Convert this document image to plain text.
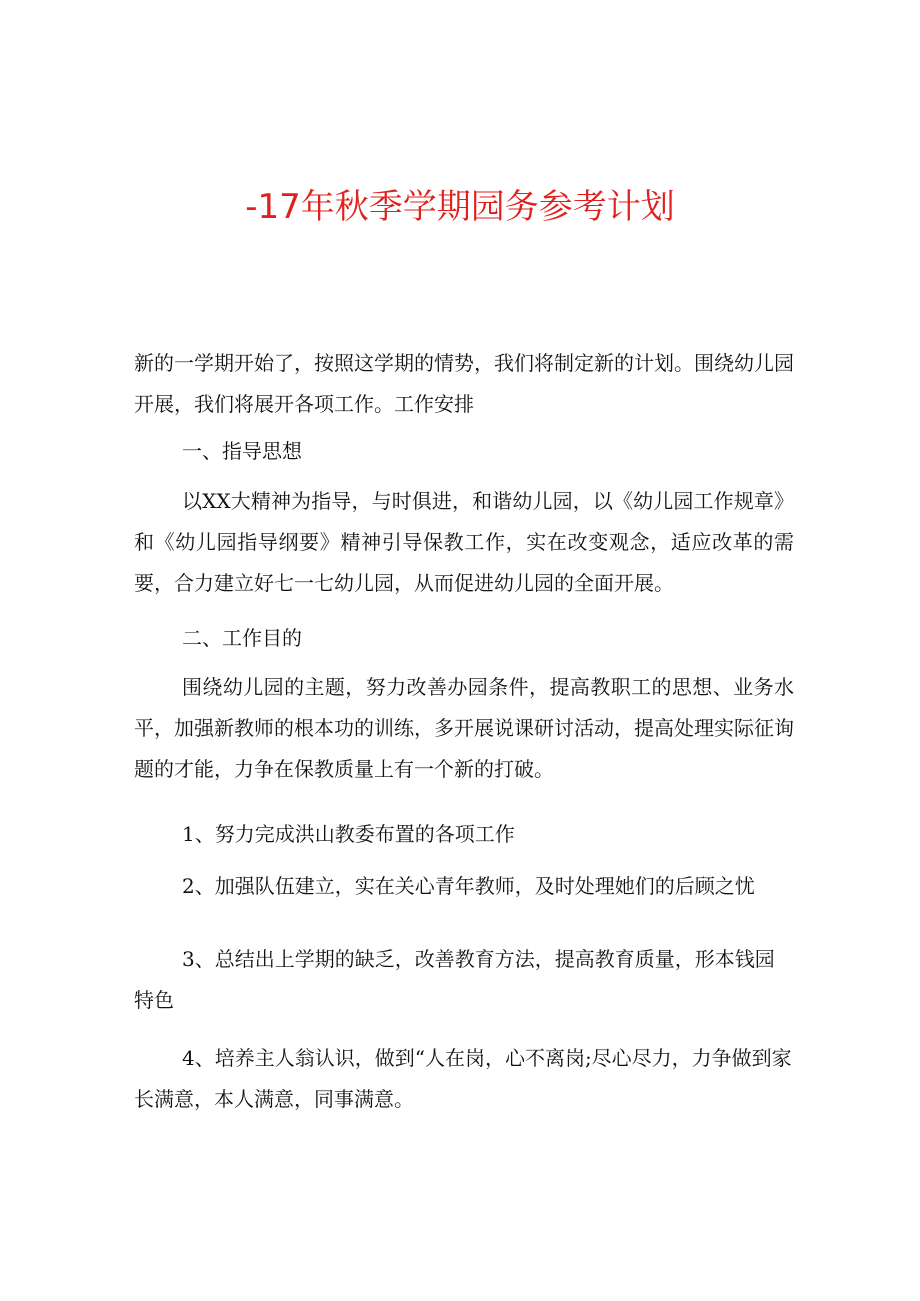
-17年秋季学期园务参考计划

新的一学期开始了，按照这学期的情势，我们将制定新的计划。围绕幼儿园开展，我们将展开各项工作。工作安排

一、指导思想

以XX大精神为指导，与时俱进，和谐幼儿园，以《幼儿园工作规章》和《幼儿园指导纲要》精神引导保教工作，实在改变观念，适应改革的需要，合力建立好七一七幼儿园，从而促进幼儿园的全面开展。

二、工作目的

围绕幼儿园的主题，努力改善办园条件，提高教职工的思想、业务水平，加强新教师的根本功的训练，多开展说课研讨活动，提高处理实际征询题的才能，力争在保教质量上有一个新的打破。

1、努力完成洪山教委布置的各项工作

2、加强队伍建立，实在关心青年教师，及时处理她们的后顾之忧

3、总结出上学期的缺乏，改善教育方法，提高教育质量，形本钱园特色

4、培养主人翁认识，做到“人在岗，心不离岗;尽心尽力，力争做到家长满意，本人满意，同事满意。
